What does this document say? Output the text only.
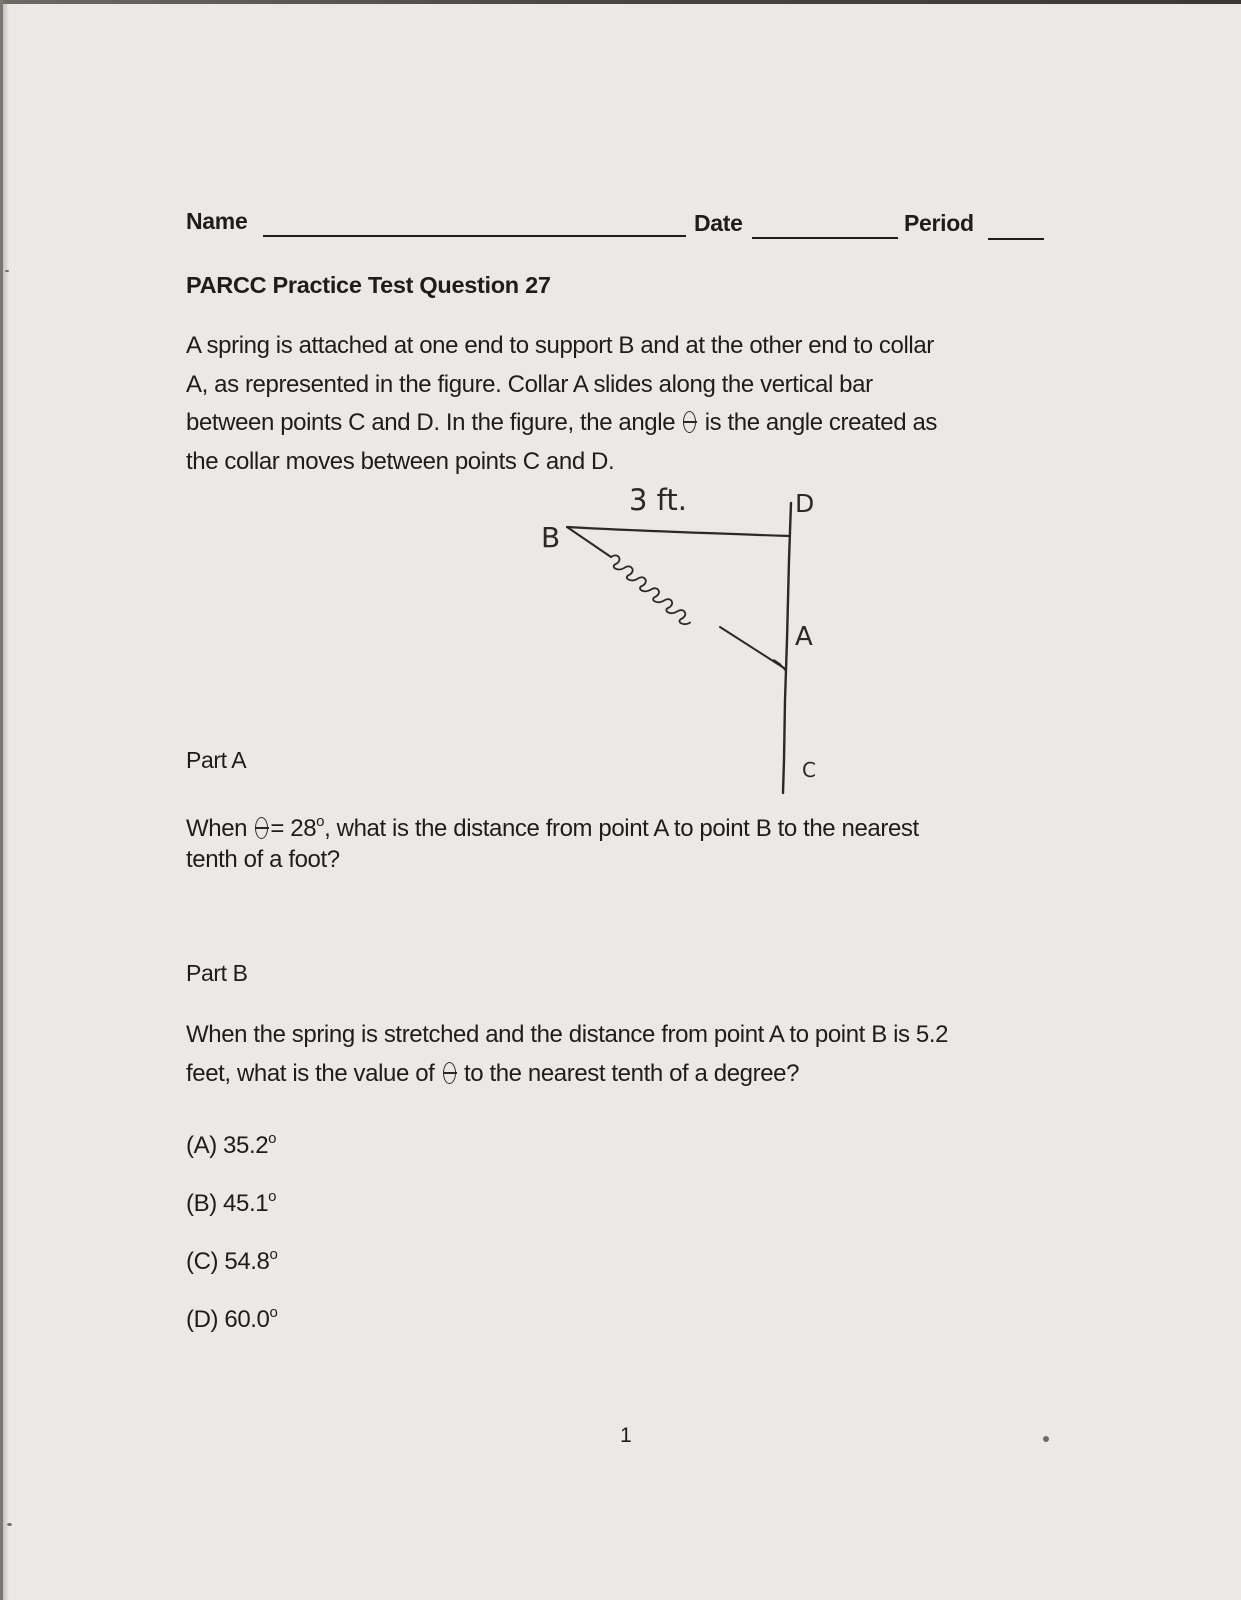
Name	Date	Period
PARCC Practice Test Question 27
A spring is attached at one end to support B and at the other end to collar
A, as represented in the figure. Collar A slides along the vertical bar
between points C and D. In the figure, the angle is the angle created as
the collar moves between points C and D.
3 ft.
B
D
A
C
Part A
When = $28^o$, what is the distance from point A to point B to the nearest
tenth of a foot?
Part B
When the spring is stretched and the distance from point A to point B is 5.2
feet, what is the value of to the nearest tenth of a degree?
(A) 35.2$^o$
(B) 45.1$^o$
(C) 54.8$^o$
(D) 60.0$^o$
1
